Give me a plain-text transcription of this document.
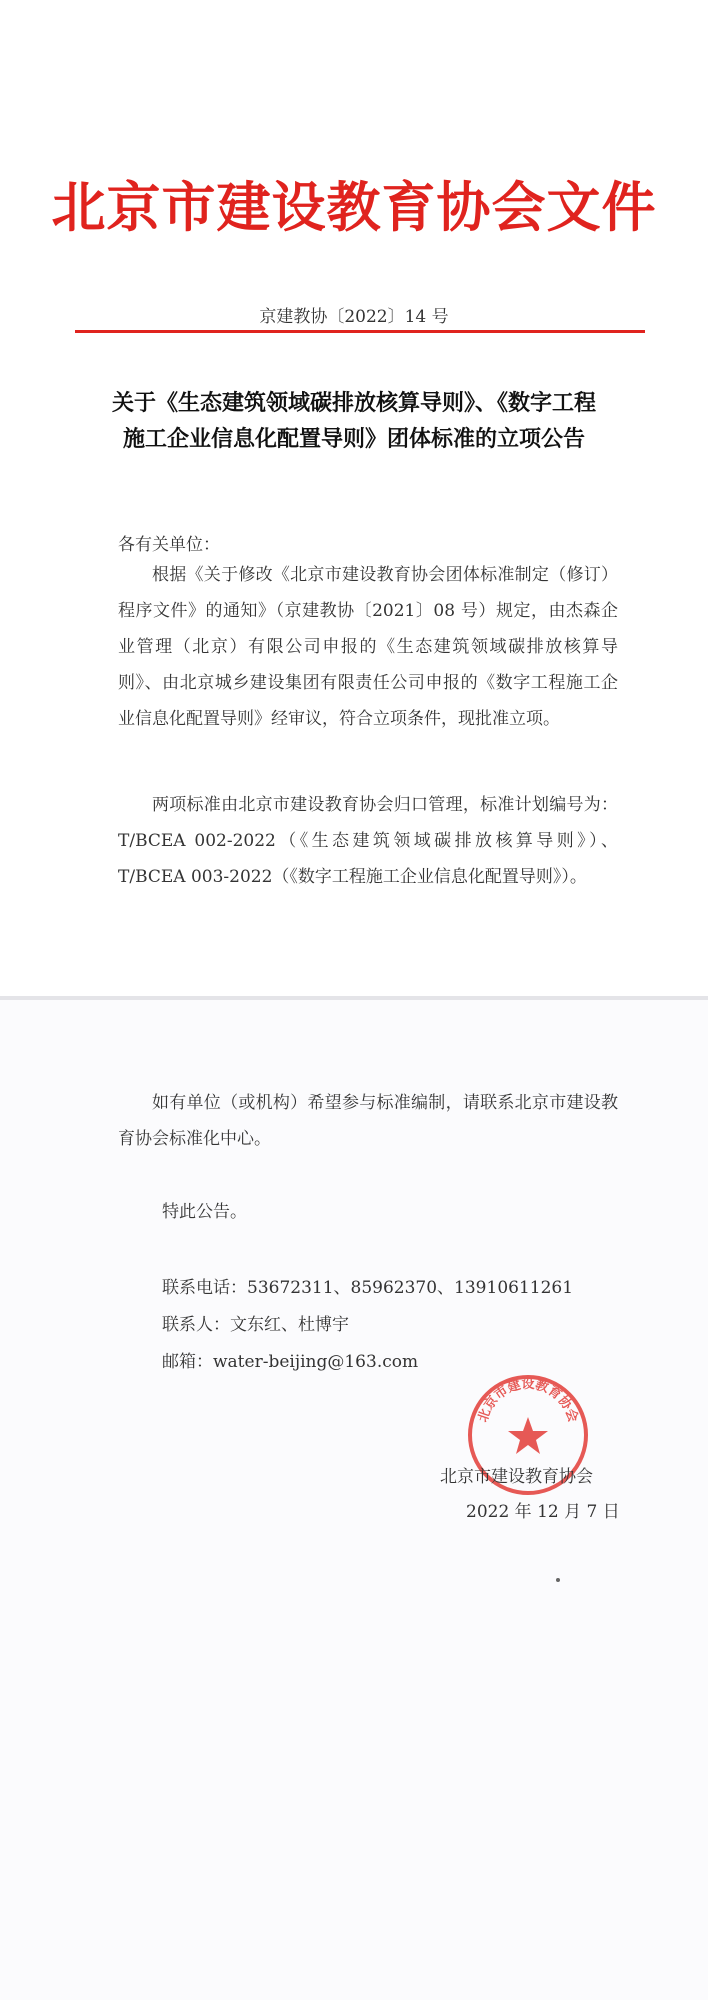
北京市建设教育协会文件
京建教协〔2022〕14 号
关于《生态建筑领域碳排放核算导则》、《数字工程
施工企业信息化配置导则》团体标准的立项公告
各有关单位：
根据《关于修改《北京市建设教育协会团体标准制定（修订）程序文件》的通知》（京建教协〔2021〕08 号）规定，由杰森企业管理（北京）有限公司申报的《生态建筑领域碳排放核算导则》、由北京城乡建设集团有限责任公司申报的《数字工程施工企业信息化配置导则》经审议，符合立项条件，现批准立项。
两项标准由北京市建设教育协会归口管理，标准计划编号为：T/BCEA 002-2022（《生态建筑领域碳排放核算导则》）、T/BCEA 003-2022（《数字工程施工企业信息化配置导则》）。
如有单位（或机构）希望参与标准编制，请联系北京市建设教育协会标准化中心。
特此公告。
联系电话：53672311、85962370、13910611261
联系人：文东红、杜博宇
邮箱：water-beijing@163.com
北京市建设教育协会
北京市建设教育协会
2022 年 12 月 7 日
